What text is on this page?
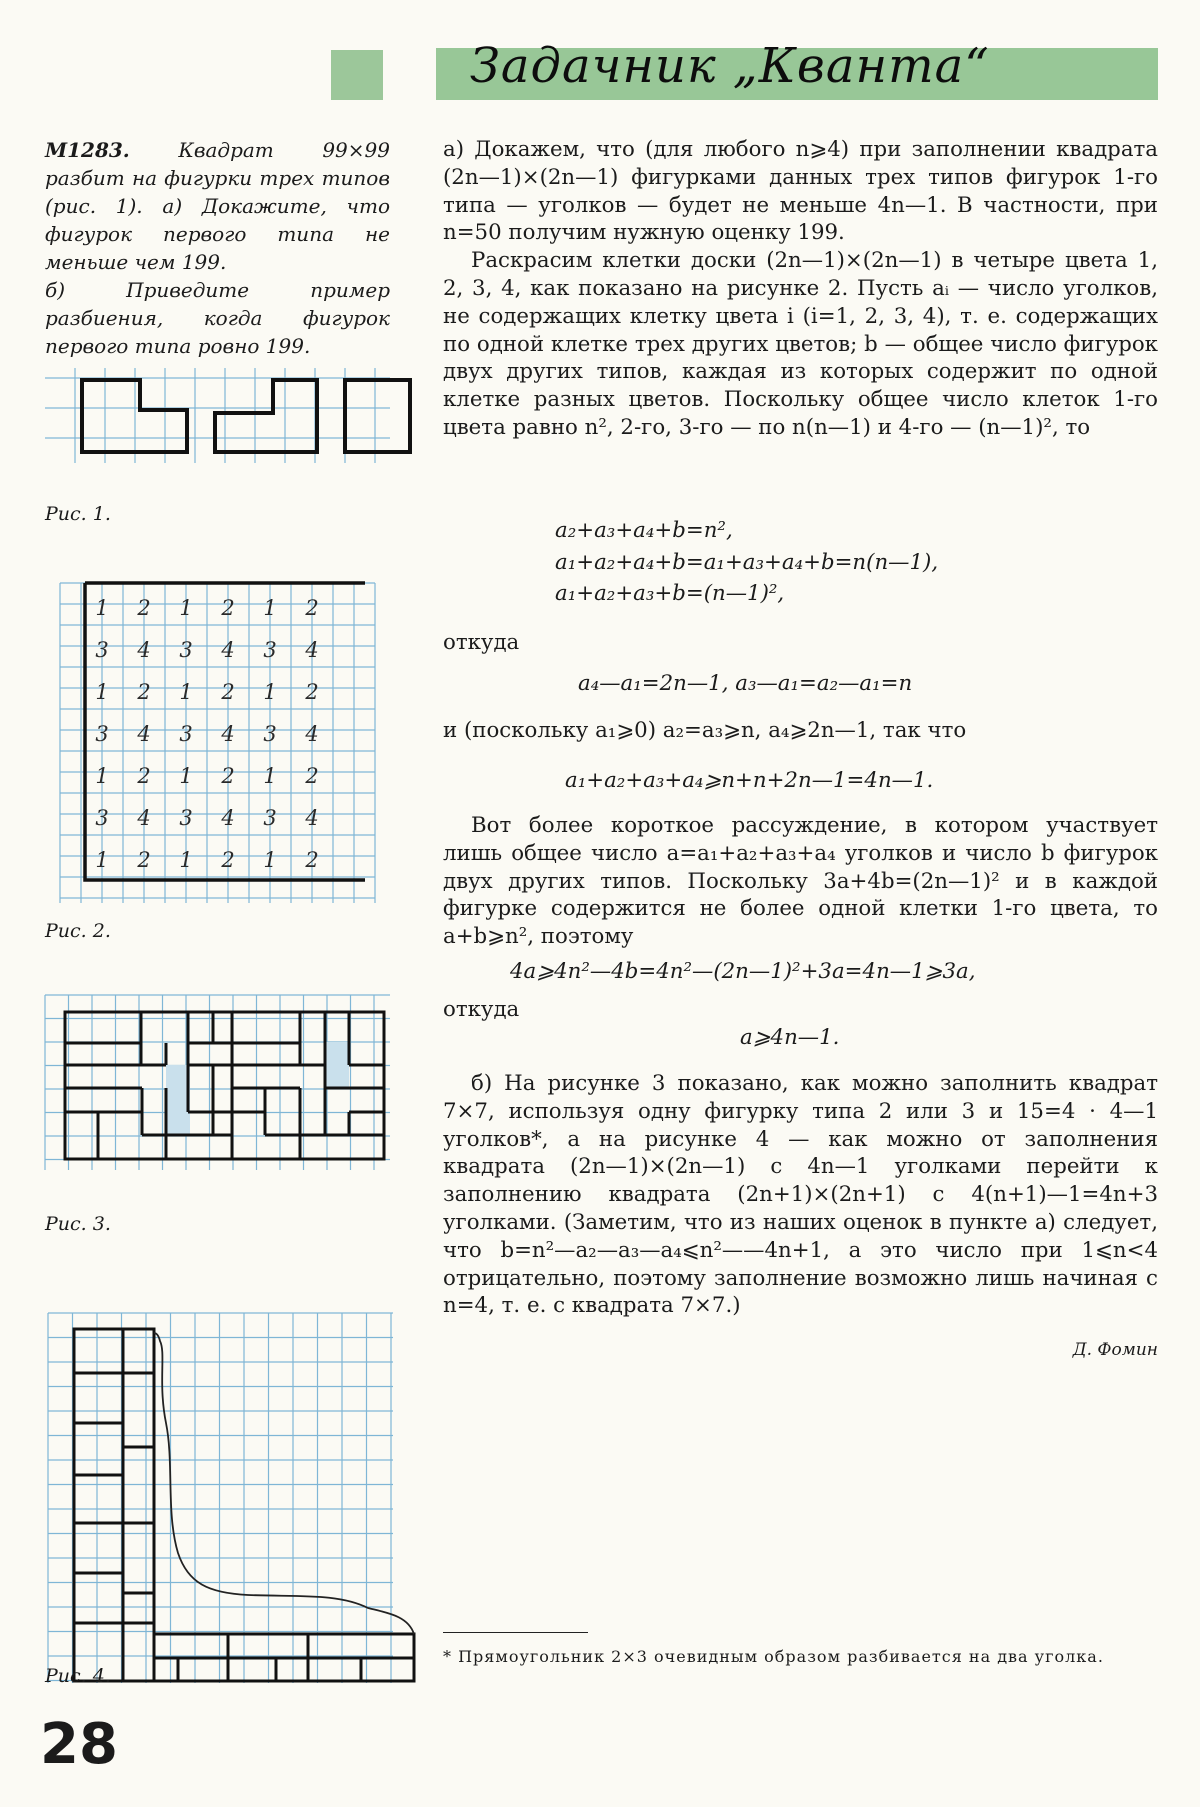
Задачник „Кванта“
М1283. Квадрат 99×99 разбит на фигурки трех типов (рис. 1). а) Докажите, что фигурок первого типа не меньше чем 199.
б) Приведите пример разбиения, когда фигурок первого типа ровно 199.
Рис. 1.
1 2 1 2 1 2
3 4 3 4 3 4
1 2 1 2 1 2
3 4 3 4 3 4
1 2 1 2 1 2
3 4 3 4 3 4
1 2 1 2 1 2
Рис. 2.
Рис. 3.
Рис. 4.

а) Докажем, что (для любого n⩾4) при заполнении квадрата (2n—1)×(2n—1) фигурками данных трех типов фигурок 1-го типа — уголков — будет не меньше 4n—1. В частности, при n=50 получим нужную оценку 199.

Раскрасим клетки доски (2n—1)×(2n—1) в четыре цвета 1, 2, 3, 4, как показано на рисунке 2. Пусть aᵢ — число уголков, не содержащих клетку цвета i (i=1, 2, 3, 4), т. е. содержащих по одной клетке трех других цветов; b — общее число фигурок двух других типов, каждая из которых содержит по одной клетке разных цветов. Поскольку общее число клеток 1-го цвета равно n², 2-го, 3-го — по n(n—1) и 4-го — (n—1)², то

a₂+a₃+a₄+b=n²,
a₁+a₂+a₄+b=a₁+a₃+a₄+b=n(n—1),
a₁+a₂+a₃+b=(n—1)²,
откуда
a₄—a₁=2n—1, a₃—a₁=a₂—a₁=n
и (поскольку a₁⩾0) a₂=a₃⩾n, a₄⩾2n—1, так что
a₁+a₂+a₃+a₄⩾n+n+2n—1=4n—1.
Вот более короткое рассуждение, в котором участвует лишь общее число a=a₁+a₂+a₃+a₄ уголков и число b фигурок двух других типов. Поскольку 3a+4b=(2n—1)² и в каждой фигурке содержится не более одной клетки 1-го цвета, то a+b⩾n², поэтому
4a⩾4n²—4b=4n²—(2n—1)²+3a=4n—1⩾3a,
откуда
a⩾4n—1.
б) На рисунке 3 показано, как можно заполнить квадрат 7×7, используя одну фигурку типа 2 или 3 и 15=4 · 4—1 уголков*, а на рисунке 4 — как можно от заполнения квадрата (2n—1)×(2n—1) с 4n—1 уголками перейти к заполнению квадрата (2n+1)×(2n+1) с 4(n+1)—1=4n+3 уголками. (Заметим, что из наших оценок в пункте а) следует, что b=n²—a₂—a₃—a₄⩽n²——4n+1, а это число при 1⩽n<4 отрицательно, поэтому заполнение возможно лишь начиная с n=4, т. е. с квадрата 7×7.)
Д. Фомин
* Прямоугольник 2×3 очевидным образом разбивается на два уголка.
28
